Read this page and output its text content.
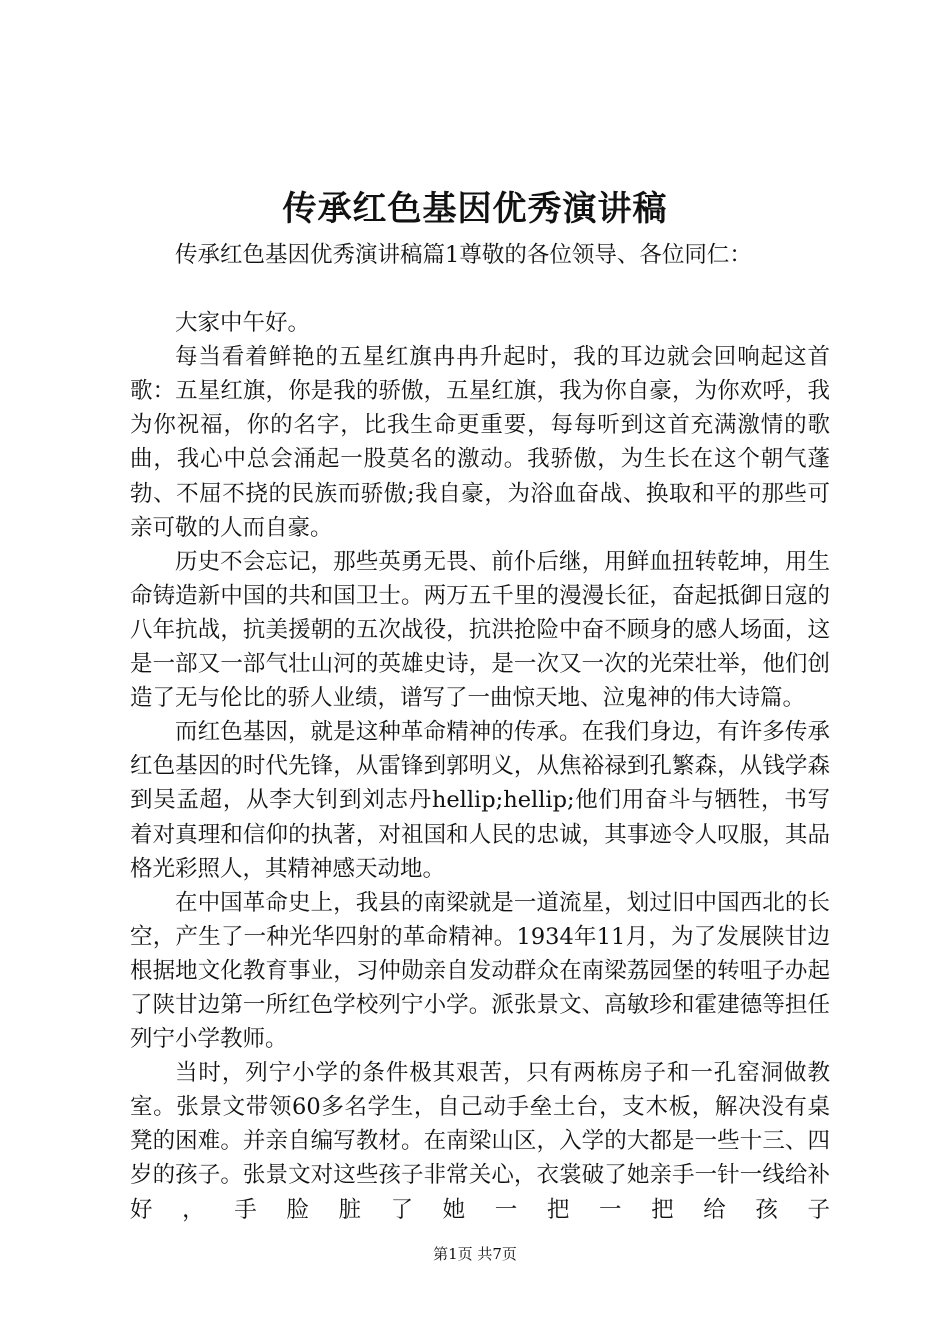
传承红色基因优秀演讲稿

传承红色基因优秀演讲稿篇1尊敬的各位领导、各位同仁：

大家中午好。

每当看着鲜艳的五星红旗冉冉升起时，我的耳边就会回响起这首歌：五星红旗，你是我的骄傲，五星红旗，我为你自豪，为你欢呼，我为你祝福，你的名字，比我生命更重要，每每听到这首充满激情的歌曲，我心中总会涌起一股莫名的激动。我骄傲，为生长在这个朝气蓬勃、不屈不挠的民族而骄傲;我自豪，为浴血奋战、换取和平的那些可亲可敬的人而自豪。

历史不会忘记，那些英勇无畏、前仆后继，用鲜血扭转乾坤，用生命铸造新中国的共和国卫士。两万五千里的漫漫长征，奋起抵御日寇的八年抗战，抗美援朝的五次战役，抗洪抢险中奋不顾身的感人场面，这是一部又一部气壮山河的英雄史诗，是一次又一次的光荣壮举，他们创造了无与伦比的骄人业绩，谱写了一曲惊天地、泣鬼神的伟大诗篇。

而红色基因，就是这种革命精神的传承。在我们身边，有许多传承红色基因的时代先锋，从雷锋到郭明义，从焦裕禄到孔繁森，从钱学森到吴孟超，从李大钊到刘志丹hellip;hellip;他们用奋斗与牺牲，书写着对真理和信仰的执著，对祖国和人民的忠诚，其事迹令人叹服，其品格光彩照人，其精神感天动地。

在中国革命史上，我县的南梁就是一道流星，划过旧中国西北的长空，产生了一种光华四射的革命精神。1934年11月，为了发展陕甘边根据地文化教育事业，习仲勋亲自发动群众在南梁荔园堡的转咀子办起了陕甘边第一所红色学校列宁小学。派张景文、高敏珍和霍建德等担任列宁小学教师。

当时，列宁小学的条件极其艰苦，只有两栋房子和一孔窑洞做教室。张景文带领60多名学生，自己动手垒土台，支木板，解决没有桌凳的困难。并亲自编写教材。在南梁山区，入学的大都是一些十三、四岁的孩子。张景文对这些孩子非常关心，衣裳破了她亲手一针一线给补好，手脸脏了她一把一把给孩子

第1页 共7页
